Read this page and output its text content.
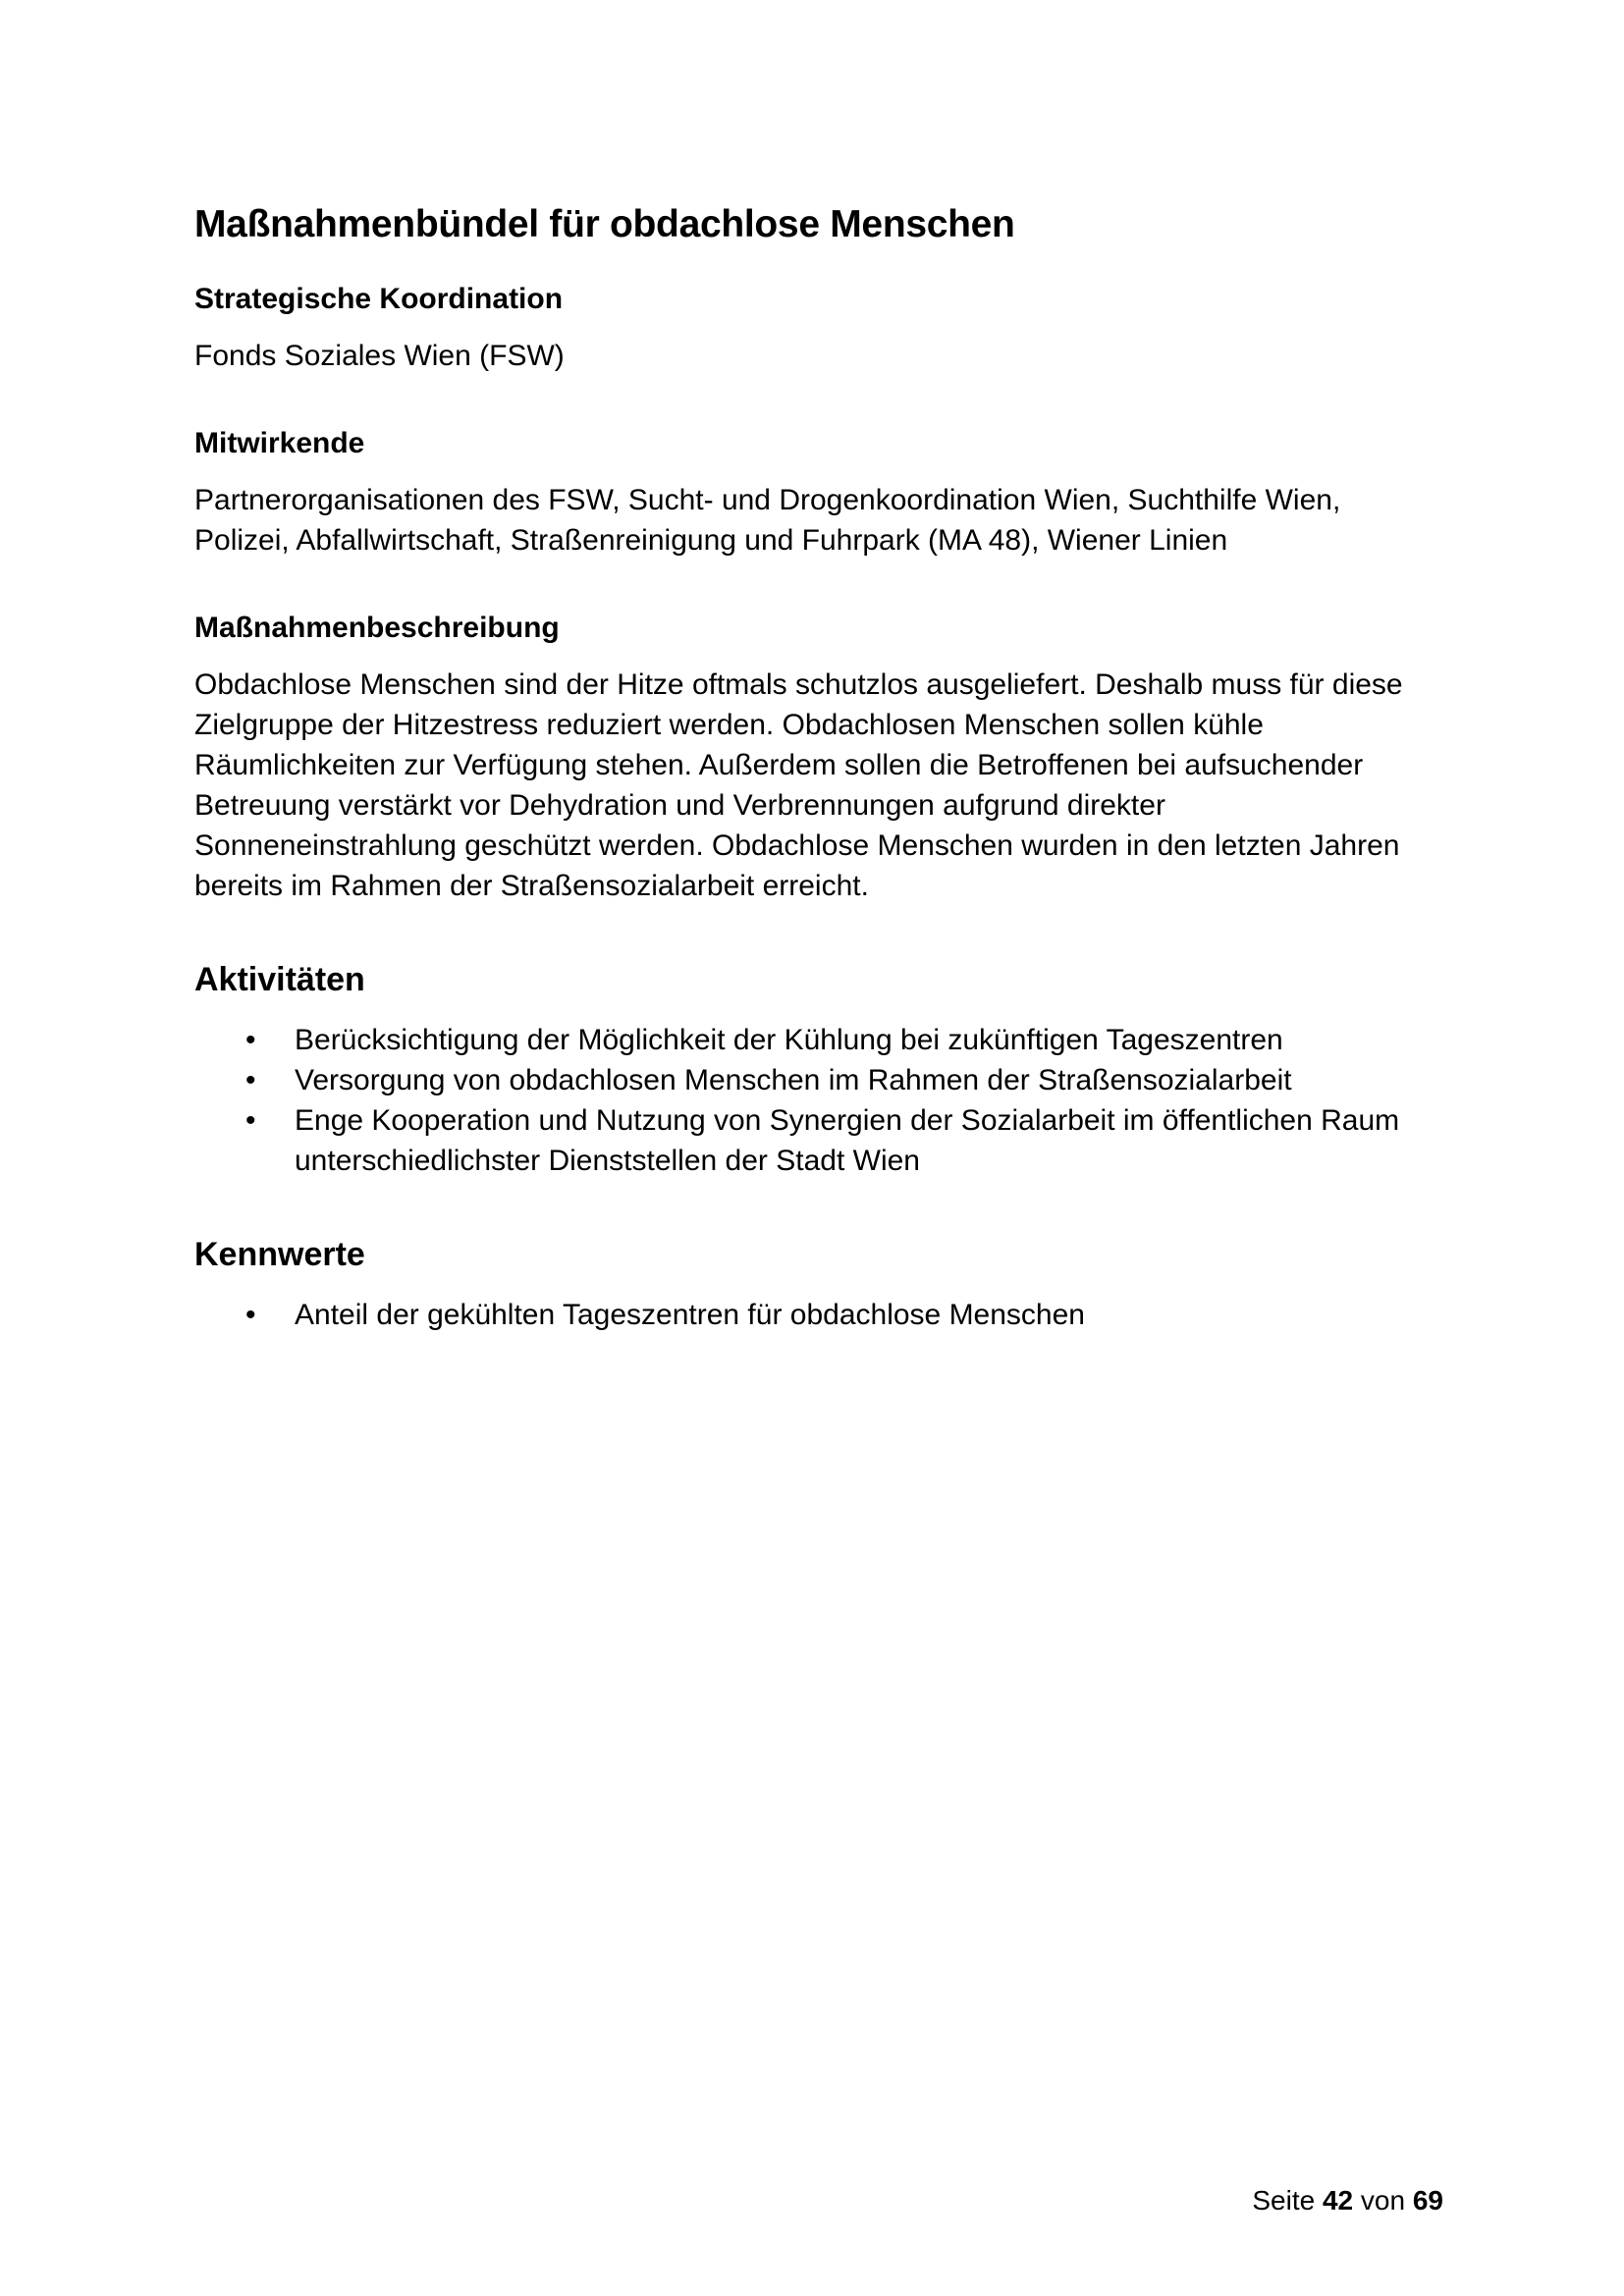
Maßnahmenbündel für obdachlose Menschen
Strategische Koordination

Fonds Soziales Wien (FSW)

Mitwirkende

Partnerorganisationen des FSW, Sucht- und Drogenkoordination Wien, Suchthilfe Wien,
Polizei, Abfallwirtschaft, Straßenreinigung und Fuhrpark (MA 48), Wiener Linien

Maßnahmenbeschreibung

Obdachlose Menschen sind der Hitze oftmals schutzlos ausgeliefert. Deshalb muss für diese
Zielgruppe der Hitzestress reduziert werden. Obdachlosen Menschen sollen kühle
Räumlichkeiten zur Verfügung stehen. Außerdem sollen die Betroffenen bei aufsuchender
Betreuung verstärkt vor Dehydration und Verbrennungen aufgrund direkter
Sonneneinstrahlung geschützt werden. Obdachlose Menschen wurden in den letzten Jahren
bereits im Rahmen der Straßensozialarbeit erreicht.

Aktivitäten
• Berücksichtigung der Möglichkeit der Kühlung bei zukünftigen Tageszentren
• Versorgung von obdachlosen Menschen im Rahmen der Straßensozialarbeit
• Enge Kooperation und Nutzung von Synergien der Sozialarbeit im öffentlichen Raum
unterschiedlichster Dienststellen der Stadt Wien
Kennwerte
• Anteil der gekühlten Tageszentren für obdachlose Menschen
Seite 42 von 69
